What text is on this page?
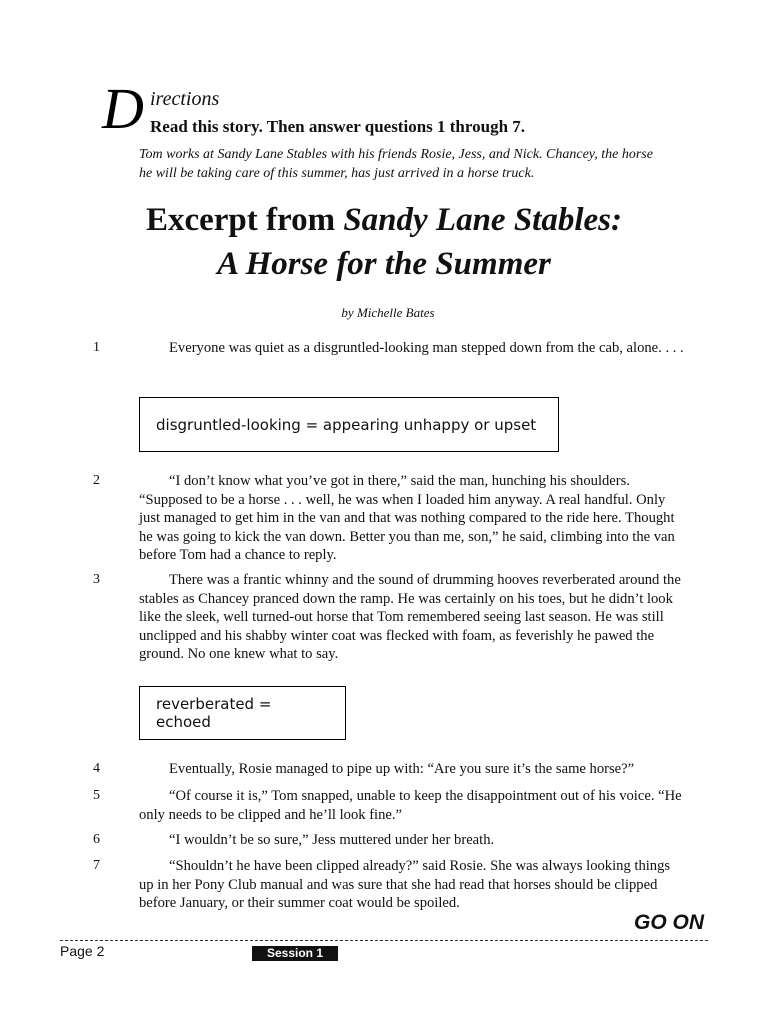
D irections
Read this story. Then answer questions 1 through 7.
Tom works at Sandy Lane Stables with his friends Rosie, Jess, and Nick. Chancey, the horse he will be taking care of this summer, has just arrived in a horse truck.
Excerpt from Sandy Lane Stables:
A Horse for the Summer
by Michelle Bates
1	Everyone was quiet as a disgruntled-looking man stepped down from the cab, alone. . . .
disgruntled-looking = appearing unhappy or upset
2	“I don’t know what you’ve got in there,” said the man, hunching his shoulders. “Supposed to be a horse . . . well, he was when I loaded him anyway. A real handful. Only just managed to get him in the van and that was nothing compared to the ride here. Thought he was going to kick the van down. Better you than me, son,” he said, climbing into the van before Tom had a chance to reply.
3	There was a frantic whinny and the sound of drumming hooves reverberated around the stables as Chancey pranced down the ramp. He was certainly on his toes, but he didn’t look like the sleek, well turned-out horse that Tom remembered seeing last season. He was still unclipped and his shabby winter coat was flecked with foam, as feverishly he pawed the ground. No one knew what to say.
reverberated = echoed
4	Eventually, Rosie managed to pipe up with: “Are you sure it’s the same horse?”
5	“Of course it is,” Tom snapped, unable to keep the disappointment out of his voice. “He only needs to be clipped and he’ll look fine.”
6	“I wouldn’t be so sure,” Jess muttered under her breath.
7	“Shouldn’t he have been clipped already?” said Rosie. She was always looking things up in her Pony Club manual and was sure that she had read that horses should be clipped before January, or their summer coat would be spoiled.
GO ON
Page 2	Session 1
